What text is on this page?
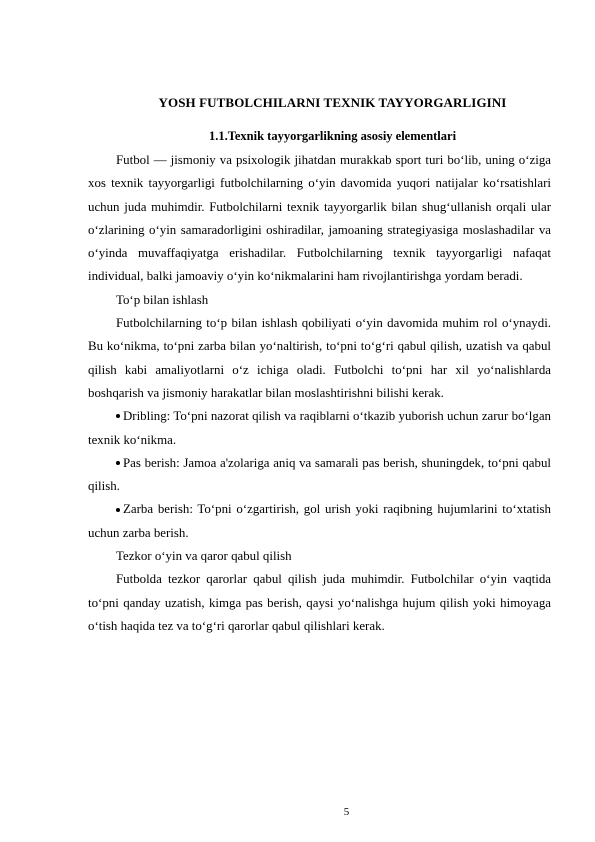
YOSH FUTBOLCHILARNI TEXNIK TAYYORGARLIGINI
1.1.Texnik tayyorgarlikning asosiy elementlari

Futbol — jismoniy va psixologik jihatdan murakkab sport turi bo‘lib, uning o‘ziga xos texnik tayyorgarligi futbolchilarning o‘yin davomida yuqori natijalar ko‘rsatishlari uchun juda muhimdir. Futbolchilarni texnik tayyorgarlik bilan shug‘ullanish orqali ular o‘zlarining o‘yin samaradorligini oshiradilar, jamoaning strategiyasiga moslashadilar va o‘yinda muvaffaqiyatga erishadilar. Futbolchilarning texnik tayyorgarligi nafaqat individual, balki jamoaviy o‘yin ko‘nikmalarini ham rivojlantirishga yordam beradi.

To‘p bilan ishlash

Futbolchilarning to‘p bilan ishlash qobiliyati o‘yin davomida muhim rol o‘ynaydi. Bu ko‘nikma, to‘pni zarba bilan yo‘naltirish, to‘pni to‘g‘ri qabul qilish, uzatish va qabul qilish kabi amaliyotlarni o‘z ichiga oladi. Futbolchi to‘pni har xil yo‘nalishlarda boshqarish va jismoniy harakatlar bilan moslashtirishni bilishi kerak.

Dribling: To‘pni nazorat qilish va raqiblarni o‘tkazib yuborish uchun zarur bo‘lgan texnik ko‘nikma.

Pas berish: Jamoa a'zolariga aniq va samarali pas berish, shuningdek, to‘pni qabul qilish.

Zarba berish: To‘pni o‘zgartirish, gol urish yoki raqibning hujumlarini to‘xtatish uchun zarba berish.

Tezkor o‘yin va qaror qabul qilish

Futbolda tezkor qarorlar qabul qilish juda muhimdir. Futbolchilar o‘yin vaqtida to‘pni qanday uzatish, kimga pas berish, qaysi yo‘nalishga hujum qilish yoki himoyaga o‘tish haqida tez va to‘g‘ri qarorlar qabul qilishlari kerak.

5
